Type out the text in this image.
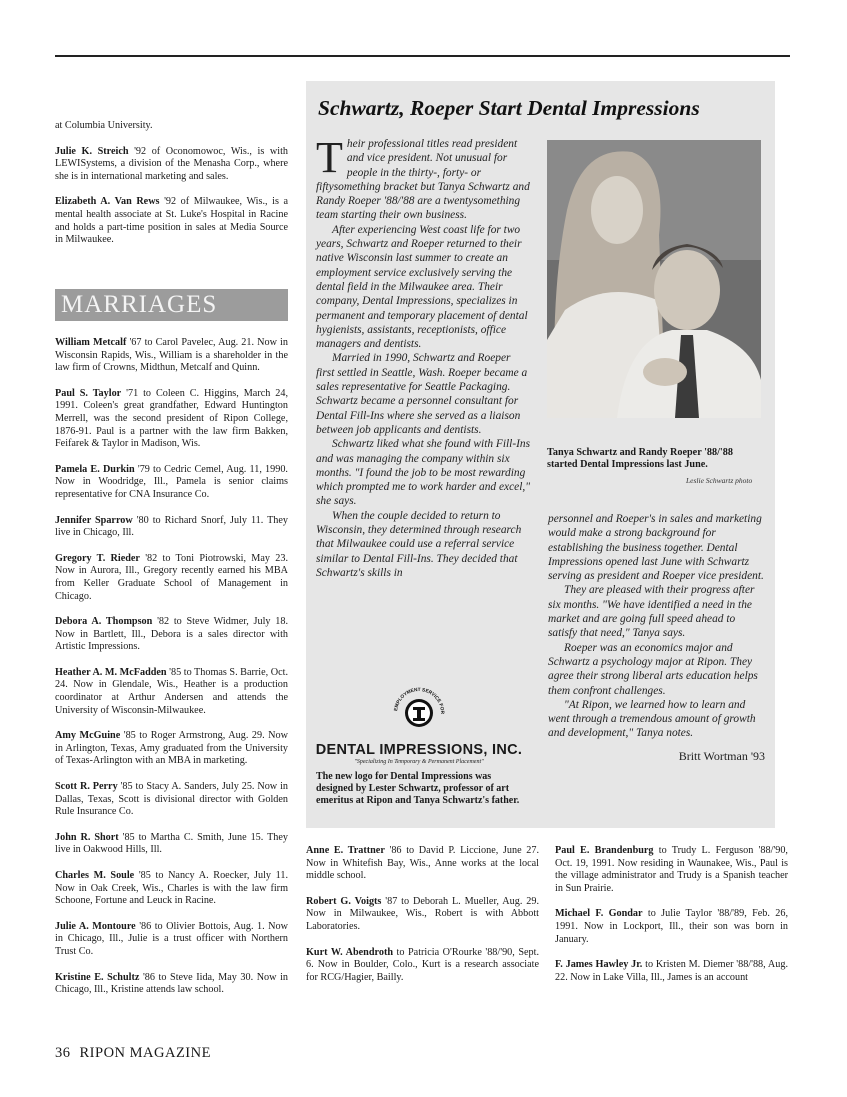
at Columbia University.
Julie K. Streich '92 of Oconomowoc, Wis., is with LEWISystems, a division of the Menasha Corp., where she is in international marketing and sales.
Elizabeth A. Van Rews '92 of Milwaukee, Wis., is a mental health associate at St. Luke's Hospital in Racine and holds a part-time position in sales at Media Source in Milwaukee.
MARRIAGES
William Metcalf '67 to Carol Pavelec, Aug. 21. Now in Wisconsin Rapids, Wis., William is a shareholder in the law firm of Crowns, Midthun, Metcalf and Quinn.
Paul S. Taylor '71 to Coleen C. Higgins, March 24, 1991. Coleen's great grandfather, Edward Huntington Merrell, was the second president of Ripon College, 1876-91. Paul is a partner with the law firm Bakken, Feifarek & Taylor in Madison, Wis.
Pamela E. Durkin '79 to Cedric Cemel, Aug. 11, 1990. Now in Woodridge, Ill., Pamela is senior claims representative for CNA Insurance Co.
Jennifer Sparrow '80 to Richard Snorf, July 11. They live in Chicago, Ill.
Gregory T. Rieder '82 to Toni Piotrowski, May 23. Now in Aurora, Ill., Gregory recently earned his MBA from Keller Graduate School of Management in Chicago.
Debora A. Thompson '82 to Steve Widmer, July 18. Now in Bartlett, Ill., Debora is a sales director with Artistic Impressions.
Heather A. M. McFadden '85 to Thomas S. Barrie, Oct. 24. Now in Glendale, Wis., Heather is a production coordinator at Arthur Andersen and attends the University of Wisconsin-Milwaukee.
Amy McGuine '85 to Roger Armstrong, Aug. 29. Now in Arlington, Texas, Amy graduated from the University of Texas-Arlington with an MBA in marketing.
Scott R. Perry '85 to Stacy A. Sanders, July 25. Now in Dallas, Texas, Scott is divisional director with Golden Rule Insurance Co.
John R. Short '85 to Martha C. Smith, June 15. They live in Oakwood Hills, Ill.
Charles M. Soule '85 to Nancy A. Roecker, July 11. Now in Oak Creek, Wis., Charles is with the law firm Schoone, Fortune and Leuck in Racine.
Julie A. Montoure '86 to Olivier Bottois, Aug. 1. Now in Chicago, Ill., Julie is a trust officer with Northern Trust Co.
Kristine E. Schultz '86 to Steve Iida, May 30. Now in Chicago, Ill., Kristine attends law school.
Schwartz, Roeper Start Dental Impressions

Their professional titles read president and vice president. Not unusual for people in the thirty-, forty- or fiftysomething bracket but Tanya Schwartz and Randy Roeper '88/'88 are a twentysomething team starting their own business.

After experiencing West coast life for two years, Schwartz and Roeper returned to their native Wisconsin last summer to create an employment service exclusively serving the dental field in the Milwaukee area. Their company, Dental Impressions, specializes in permanent and temporary placement of dental hygienists, assistants, receptionists, office managers and dentists.

Married in 1990, Schwartz and Roeper first settled in Seattle, Wash. Roeper became a sales representative for Seattle Packaging. Schwartz became a personnel consultant for Dental Fill-Ins where she served as a liaison between job applicants and dentists.

Schwartz liked what she found with Fill-Ins and was managing the company within six months. "I found the job to be most rewarding which prompted me to work harder and excel," she says.

When the couple decided to return to Wisconsin, they determined through research that Milwaukee could use a referral service similar to Dental Fill-Ins. They decided that Schwartz's skills in

Tanya Schwartz and Randy Roeper '88/'88 started Dental Impressions last June.
Leslie Schwartz photo
EMPLOYMENT SERVICE FOR
DENTAL IMPRESSIONS, INC.
"Specializing In Temporary & Permanent Placement"
The new logo for Dental Impressions was designed by Lester Schwartz, professor of art emeritus at Ripon and Tanya Schwartz's father.

personnel and Roeper's in sales and marketing would make a strong background for establishing the business together. Dental Impressions opened last June with Schwartz serving as president and Roeper vice president.

They are pleased with their progress after six months. "We have identified a need in the market and are going full speed ahead to satisfy that need," Tanya says.

Roeper was an economics major and Schwartz a psychology major at Ripon. They agree their strong liberal arts education helps them confront challenges.

"At Ripon, we learned how to learn and went through a tremendous amount of growth and development," Tanya notes.

Britt Wortman '93
Anne E. Trattner '86 to David P. Liccione, June 27. Now in Whitefish Bay, Wis., Anne works at the local middle school.
Robert G. Voigts '87 to Deborah L. Mueller, Aug. 29. Now in Milwaukee, Wis., Robert is with Abbott Laboratories.
Kurt W. Abendroth to Patricia O'Rourke '88/'90, Sept. 6. Now in Boulder, Colo., Kurt is a research associate for RCG/Hagier, Bailly.
Paul E. Brandenburg to Trudy L. Ferguson '88/'90, Oct. 19, 1991. Now residing in Waunakee, Wis., Paul is the village administrator and Trudy is a Spanish teacher in Sun Prairie.
Michael F. Gondar to Julie Taylor '88/'89, Feb. 26, 1991. Now in Lockport, Ill., their son was born in January.
F. James Hawley Jr. to Kristen M. Diemer '88/'88, Aug. 22. Now in Lake Villa, Ill., James is an account
36 RIPON MAGAZINE
